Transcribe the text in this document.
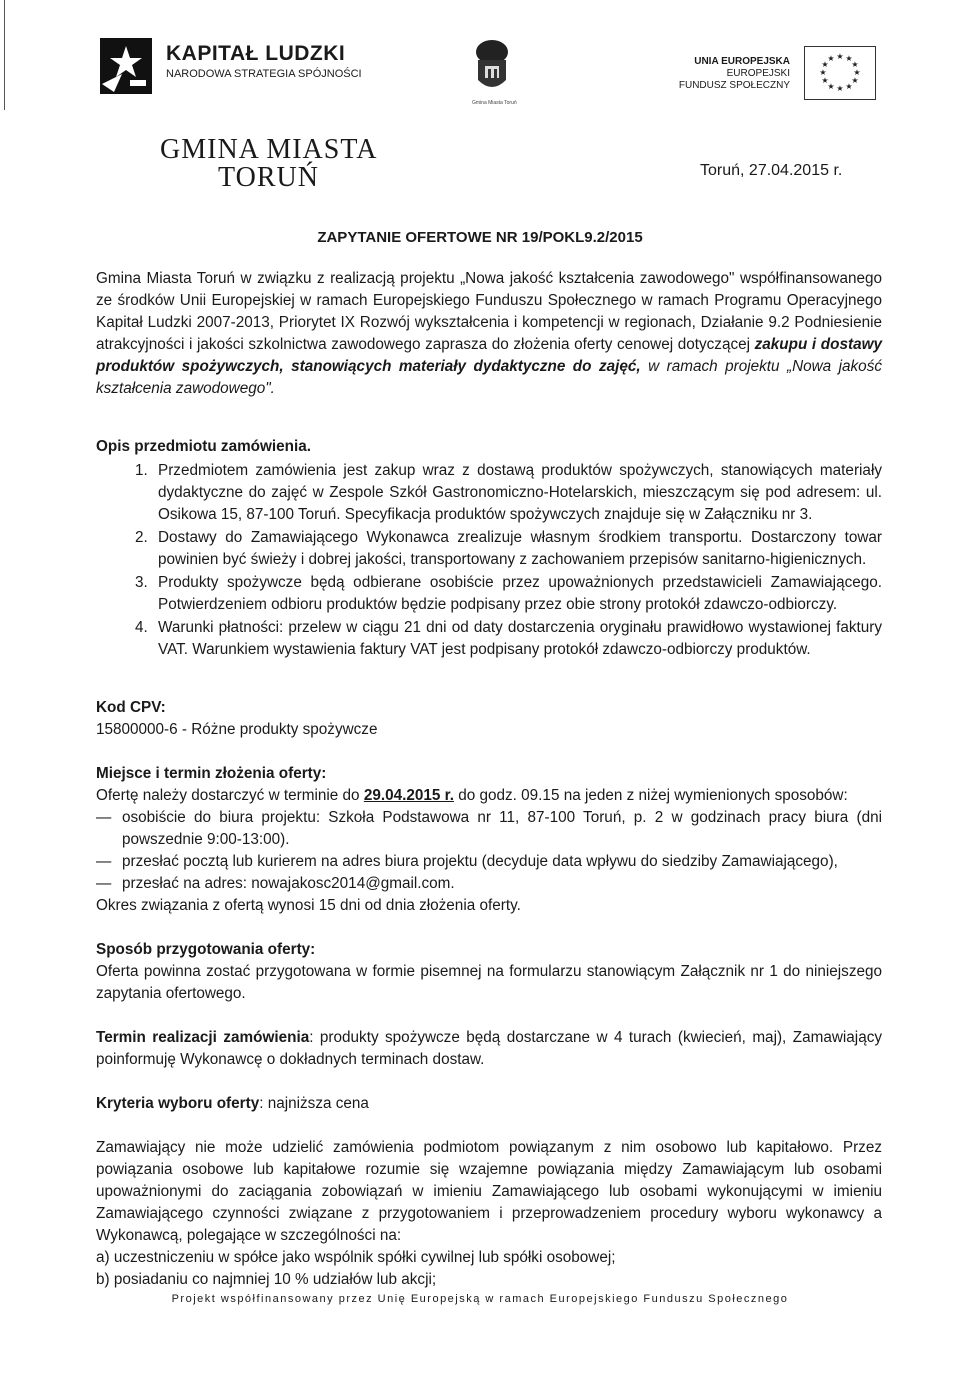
KAPITAŁ LUDZKI
NARODOWA STRATEGIA SPÓJNOŚCI
Gmina Miasta Toruń
UNIA EUROPEJSKA
EUROPEJSKI
FUNDUSZ SPOŁECZNY
★ ★
★
★
★
★
★
★
★
★
★
★
GMINA MIASTA
TORUŃ	Toruń, 27.04.2015 r.
ZAPYTANIE OFERTOWE NR 19/POKL9.2/2015

Gmina Miasta Toruń w związku z realizacją projektu „Nowa jakość kształcenia zawodowego" współfinansowanego ze środków Unii Europejskiej w ramach Europejskiego Funduszu Społecznego w ramach Programu Operacyjnego Kapitał Ludzki 2007-2013, Priorytet IX Rozwój wykształcenia i kompetencji w regionach, Działanie 9.2 Podniesienie atrakcyjności i jakości szkolnictwa zawodowego zaprasza do złożenia oferty cenowej dotyczącej zakupu i dostawy produktów spożywczych, stanowiących materiały dydaktyczne do zajęć, w ramach projektu „Nowa jakość kształcenia zawodowego".

Opis przedmiotu zamówienia.
1. Przedmiotem zamówienia jest zakup wraz z dostawą produktów spożywczych, stanowiących materiały dydaktyczne do zajęć w Zespole Szkół Gastronomiczno-Hotelarskich, mieszczącym się pod adresem: ul. Osikowa 15, 87-100 Toruń. Specyfikacja produktów spożywczych znajduje się w Załączniku nr 3.
2. Dostawy do Zamawiającego Wykonawca zrealizuje własnym środkiem transportu. Dostarczony towar powinien być świeży i dobrej jakości, transportowany z zachowaniem przepisów sanitarno-higienicznych.
3. Produkty spożywcze będą odbierane osobiście przez upoważnionych przedstawicieli Zamawiającego. Potwierdzeniem odbioru produktów będzie podpisany przez obie strony protokół zdawczo-odbiorczy.
4. Warunki płatności: przelew w ciągu 21 dni od daty dostarczenia oryginału prawidłowo wystawionej faktury VAT. Warunkiem wystawienia faktury VAT jest podpisany protokół zdawczo-odbiorczy produktów.
Kod CPV:
15800000-6 - Różne produkty spożywcze
Miejsce i termin złożenia oferty:
Ofertę należy dostarczyć w terminie do 29.04.2015 r. do godz. 09.15 na jeden z niżej wymienionych sposobów:
— osobiście do biura projektu: Szkoła Podstawowa nr 11, 87-100 Toruń, p. 2 w godzinach pracy biura (dni powszednie 9:00-13:00).
— przesłać pocztą lub kurierem na adres biura projektu (decyduje data wpływu do siedziby Zamawiającego),
— przesłać na adres: nowajakosc2014@gmail.com.
Okres związania z ofertą wynosi 15 dni od dnia złożenia oferty.
Sposób przygotowania oferty:

Oferta powinna zostać przygotowana w formie pisemnej na formularzu stanowiącym Załącznik nr 1 do niniejszego zapytania ofertowego.

Termin realizacji zamówienia: produkty spożywcze będą dostarczane w 4 turach (kwiecień, maj), Zamawiający poinformuję Wykonawcę o dokładnych terminach dostaw.

Kryteria wyboru oferty: najniższa cena

Zamawiający nie może udzielić zamówienia podmiotom powiązanym z nim osobowo lub kapitałowo. Przez powiązania osobowe lub kapitałowe rozumie się wzajemne powiązania między Zamawiającym lub osobami upoważnionymi do zaciągania zobowiązań w imieniu Zamawiającego lub osobami wykonującymi w imieniu Zamawiającego czynności związane z przygotowaniem i przeprowadzeniem procedury wyboru wykonawcy a Wykonawcą, polegające w szczególności na:

a) uczestniczeniu w spółce jako wspólnik spółki cywilnej lub spółki osobowej;
b) posiadaniu co najmniej 10 % udziałów lub akcji;
Projekt współfinansowany przez Unię Europejską w ramach Europejskiego Funduszu Społecznego
